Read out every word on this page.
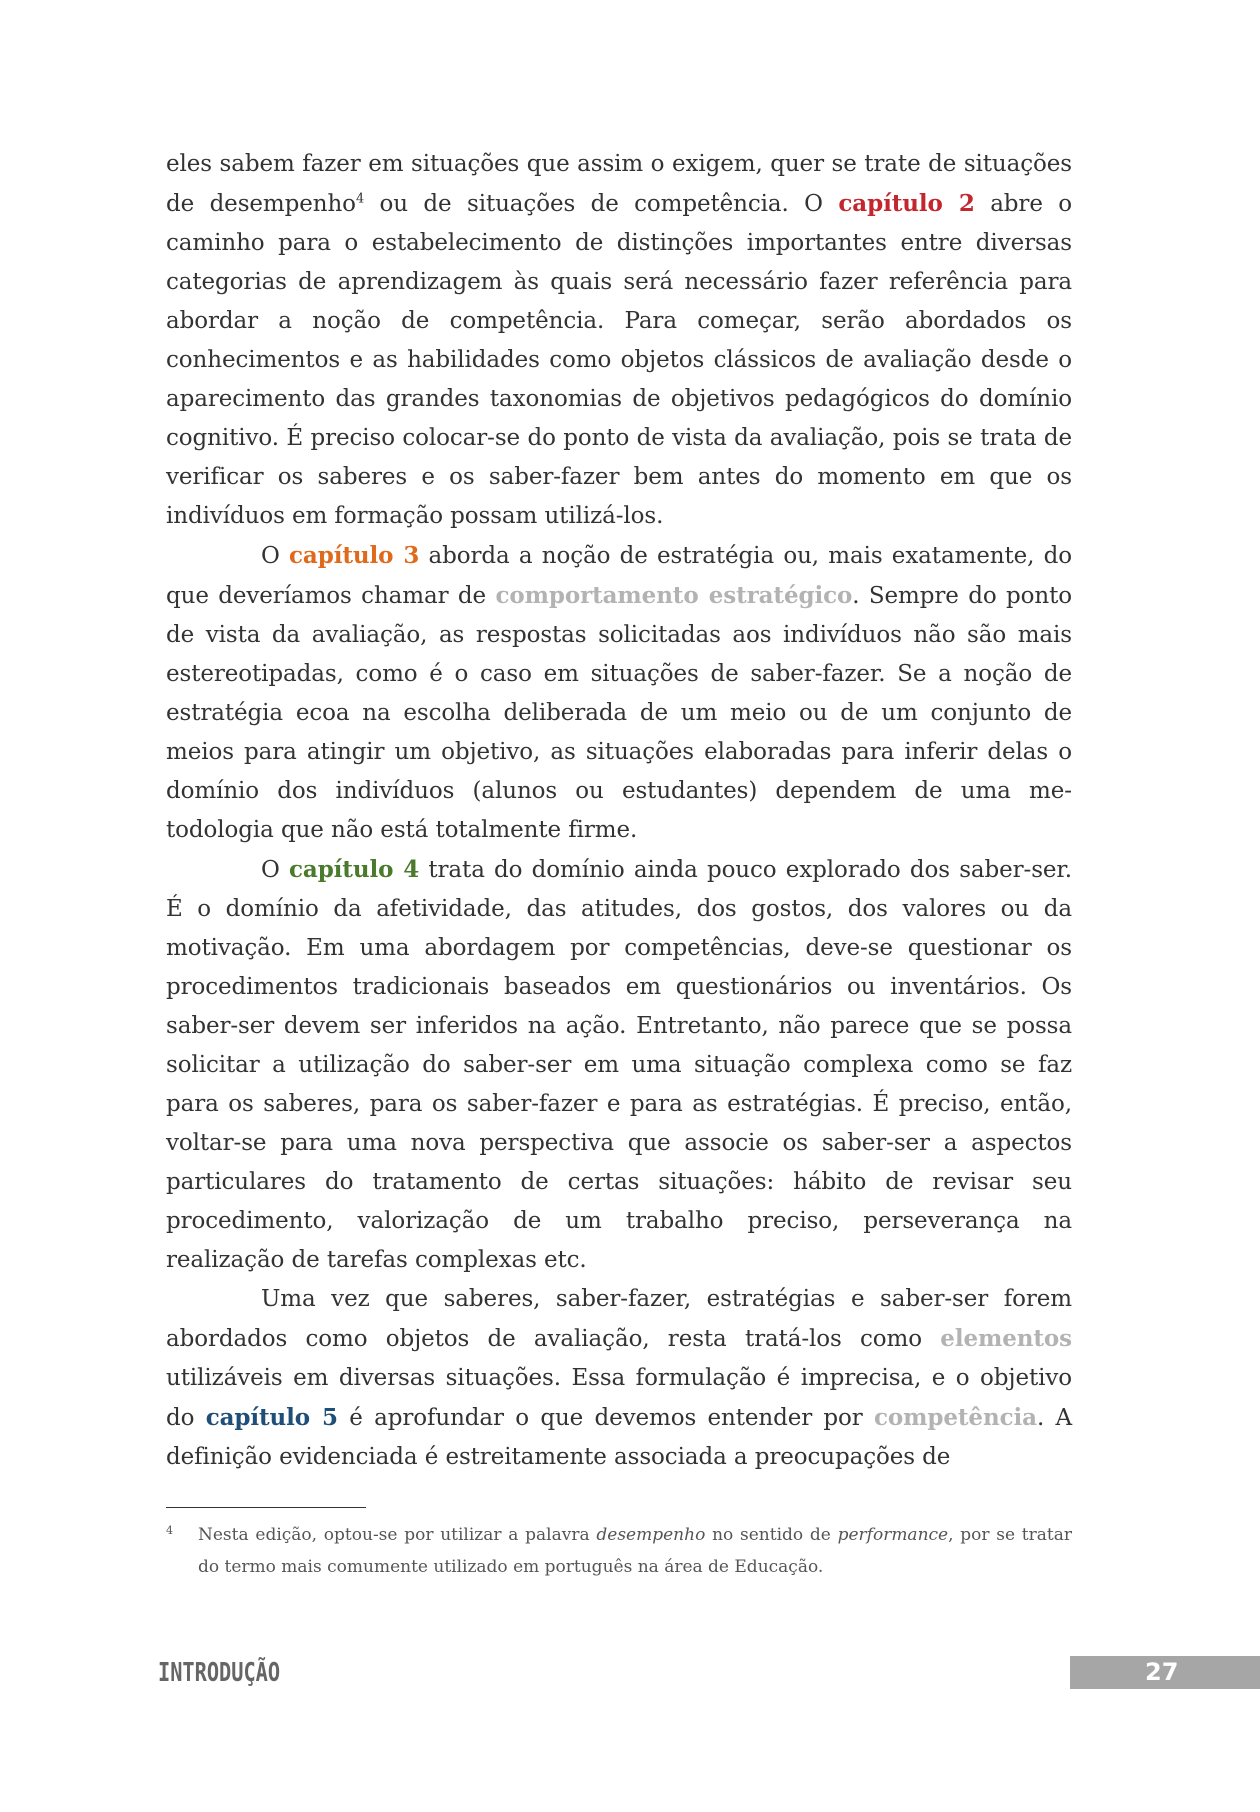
eles sabem fazer em situações que assim o exigem, quer se trate de situações de desempenho$^4$ ou de situações de competência. O capítulo 2 abre o caminho para o estabelecimento de distinções importantes entre diversas categorias de aprendizagem às quais será necessário fazer referência para abordar a noção de competência. Para começar, serão abordados os conhecimentos e as habilidades como objetos clássicos de avaliação desde o aparecimento das grandes taxonomias de objetivos pedagógicos do domínio cognitivo. É preciso colocar-se do ponto de vista da avaliação, pois se trata de verificar os saberes e os saber-fazer bem antes do momento em que os indivíduos em formação possam utilizá-los.

O capítulo 3 aborda a noção de estratégia ou, mais exatamente, do que deveríamos chamar de comportamento estratégico. Sempre do ponto de vista da avaliação, as respostas solicitadas aos indivíduos não são mais estereotipadas, como é o caso em situações de saber-fazer. Se a noção de estratégia ecoa na escolha deliberada de um meio ou de um conjunto de meios para atingir um objetivo, as situações elaboradas para inferir delas o domínio dos indivíduos (alunos ou estudantes) dependem de uma metodologia que não está totalmente firme.

O capítulo 4 trata do domínio ainda pouco explorado dos saber-ser. É o domínio da afetividade, das atitudes, dos gostos, dos valores ou da motivação. Em uma abordagem por competências, deve-se questionar os procedimentos tradicionais baseados em questionários ou inventários. Os saber-ser devem ser inferidos na ação. Entretanto, não parece que se possa solicitar a utilização do saber-ser em uma situação complexa como se faz para os saberes, para os saber-fazer e para as estratégias. É preciso, então, voltar-se para uma nova perspectiva que associe os saber-ser a aspectos particulares do tratamento de certas situações: hábito de revisar seu procedimento, valorização de um trabalho preciso, perseverança na realização de tarefas complexas etc.

Uma vez que saberes, saber-fazer, estratégias e saber-ser forem abordados como objetos de avaliação, resta tratá-los como elementos utilizáveis em diversas situações. Essa formulação é imprecisa, e o objetivo do capítulo 5 é aprofundar o que devemos entender por competência. A definição evidenciada é estreitamente associada a preocupações de

4 Nesta edição, optou-se por utilizar a palavra desempenho no sentido de performance, por se tratar do termo mais comumente utilizado em português na área de Educação.
INTRODUÇÃO	27
